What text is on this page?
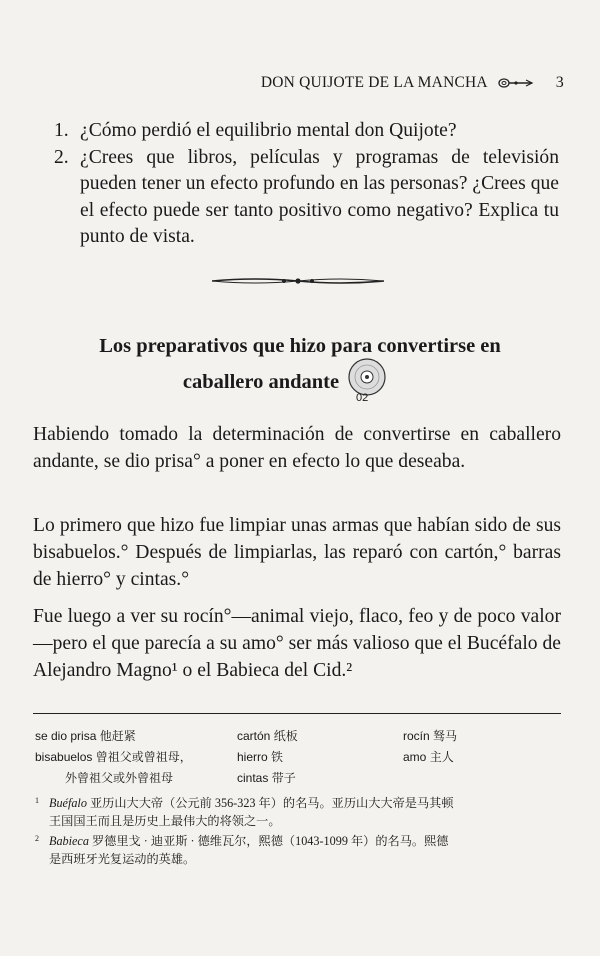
DON QUIJOTE DE LA MANCHA	3
1. ¿Cómo perdió el equilibrio mental don Quijote?
2. ¿Crees que libros, películas y programas de televisión pueden tener un efecto profundo en las personas? ¿Crees que el efecto puede ser tanto positivo como negativo? Explica tu punto de vista.
Los preparativos que hizo para convertirse en
caballero andante
02

Habiendo tomado la determinación de convertirse en caballero andante, se dio prisa° a poner en efecto lo que deseaba.

Lo primero que hizo fue limpiar unas armas que habían sido de sus bisabuelos.° Después de limpiarlas, las reparó con cartón,° barras de hierro° y cintas.°

Fue luego a ver su rocín°—animal viejo, flaco, feo y de poco valor—pero el que parecía a su amo° ser más valioso que el Bucéfalo de Alejandro Magno¹ o el Babieca del Cid.²

se dio prisa 他赶紧
bisabuelos 曾祖父或曾祖母，
外曾祖父或外曾祖母
cartón 纸板
hierro 铁
cintas 带子
rocín 驽马
amo 主人
1 Buéfalo 亚历山大大帝（公元前 356-323 年）的名马。亚历山大大帝是马其顿
王国国王而且是历史上最伟大的将领之一。
2 Babieca 罗德里戈 · 迪亚斯 · 德维瓦尔，熙德（1043-1099 年）的名马。熙德
是西班牙光复运动的英雄。
